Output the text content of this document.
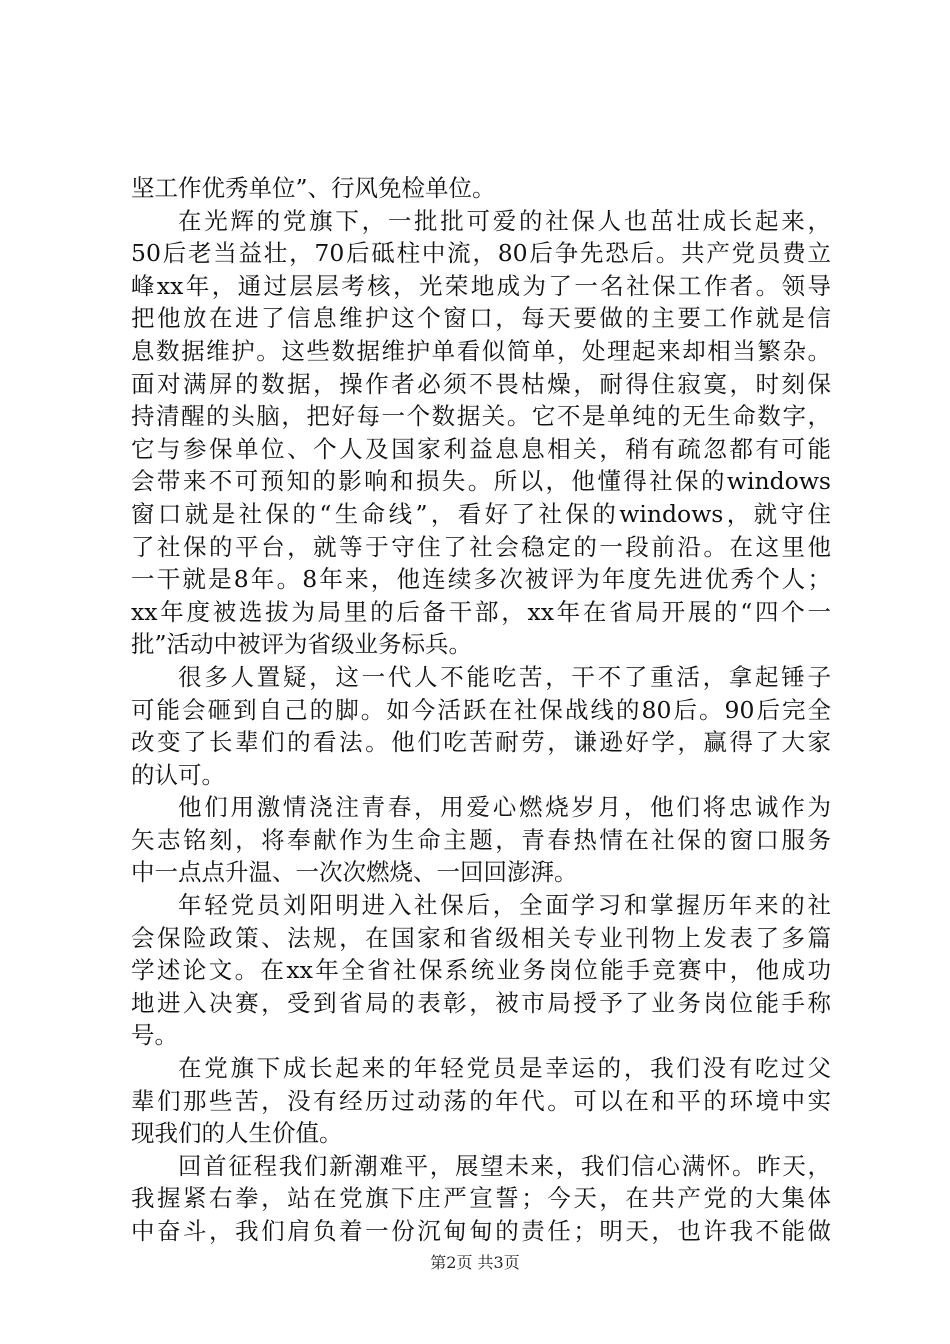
坚工作优秀单位”、行风免检单位。
在光辉的党旗下，一批批可爱的社保人也茁壮成长起来，
50后老当益壮，70后砥柱中流，80后争先恐后。共产党员费立
峰xx年，通过层层考核，光荣地成为了一名社保工作者。领导
把他放在进了信息维护这个窗口，每天要做的主要工作就是信
息数据维护。这些数据维护单看似简单，处理起来却相当繁杂。
面对满屏的数据，操作者必须不畏枯燥，耐得住寂寞，时刻保
持清醒的头脑，把好每一个数据关。它不是单纯的无生命数字，
它与参保单位、个人及国家利益息息相关，稍有疏忽都有可能
会带来不可预知的影响和损失。所以，他懂得社保的windows
窗口就是社保的“生命线”，看好了社保的windows，就守住
了社保的平台，就等于守住了社会稳定的一段前沿。在这里他
一干就是8年。8年来，他连续多次被评为年度先进优秀个人；
xx年度被选拔为局里的后备干部，xx年在省局开展的“四个一
批”活动中被评为省级业务标兵。
很多人置疑，这一代人不能吃苦，干不了重活，拿起锤子
可能会砸到自己的脚。如今活跃在社保战线的80后。90后完全
改变了长辈们的看法。他们吃苦耐劳，谦逊好学，赢得了大家
的认可。
他们用激情浇注青春，用爱心燃烧岁月，他们将忠诚作为
矢志铭刻，将奉献作为生命主题，青春热情在社保的窗口服务
中一点点升温、一次次燃烧、一回回澎湃。
年轻党员刘阳明进入社保后，全面学习和掌握历年来的社
会保险政策、法规，在国家和省级相关专业刊物上发表了多篇
学述论文。在xx年全省社保系统业务岗位能手竞赛中，他成功
地进入决赛，受到省局的表彰，被市局授予了业务岗位能手称
号。
在党旗下成长起来的年轻党员是幸运的，我们没有吃过父
辈们那些苦，没有经历过动荡的年代。可以在和平的环境中实
现我们的人生价值。
回首征程我们新潮难平，展望未来，我们信心满怀。昨天，
我握紧右拳，站在党旗下庄严宣誓；今天，在共产党的大集体
中奋斗，我们肩负着一份沉甸甸的责任；明天，也许我不能做
第2页 共3页
